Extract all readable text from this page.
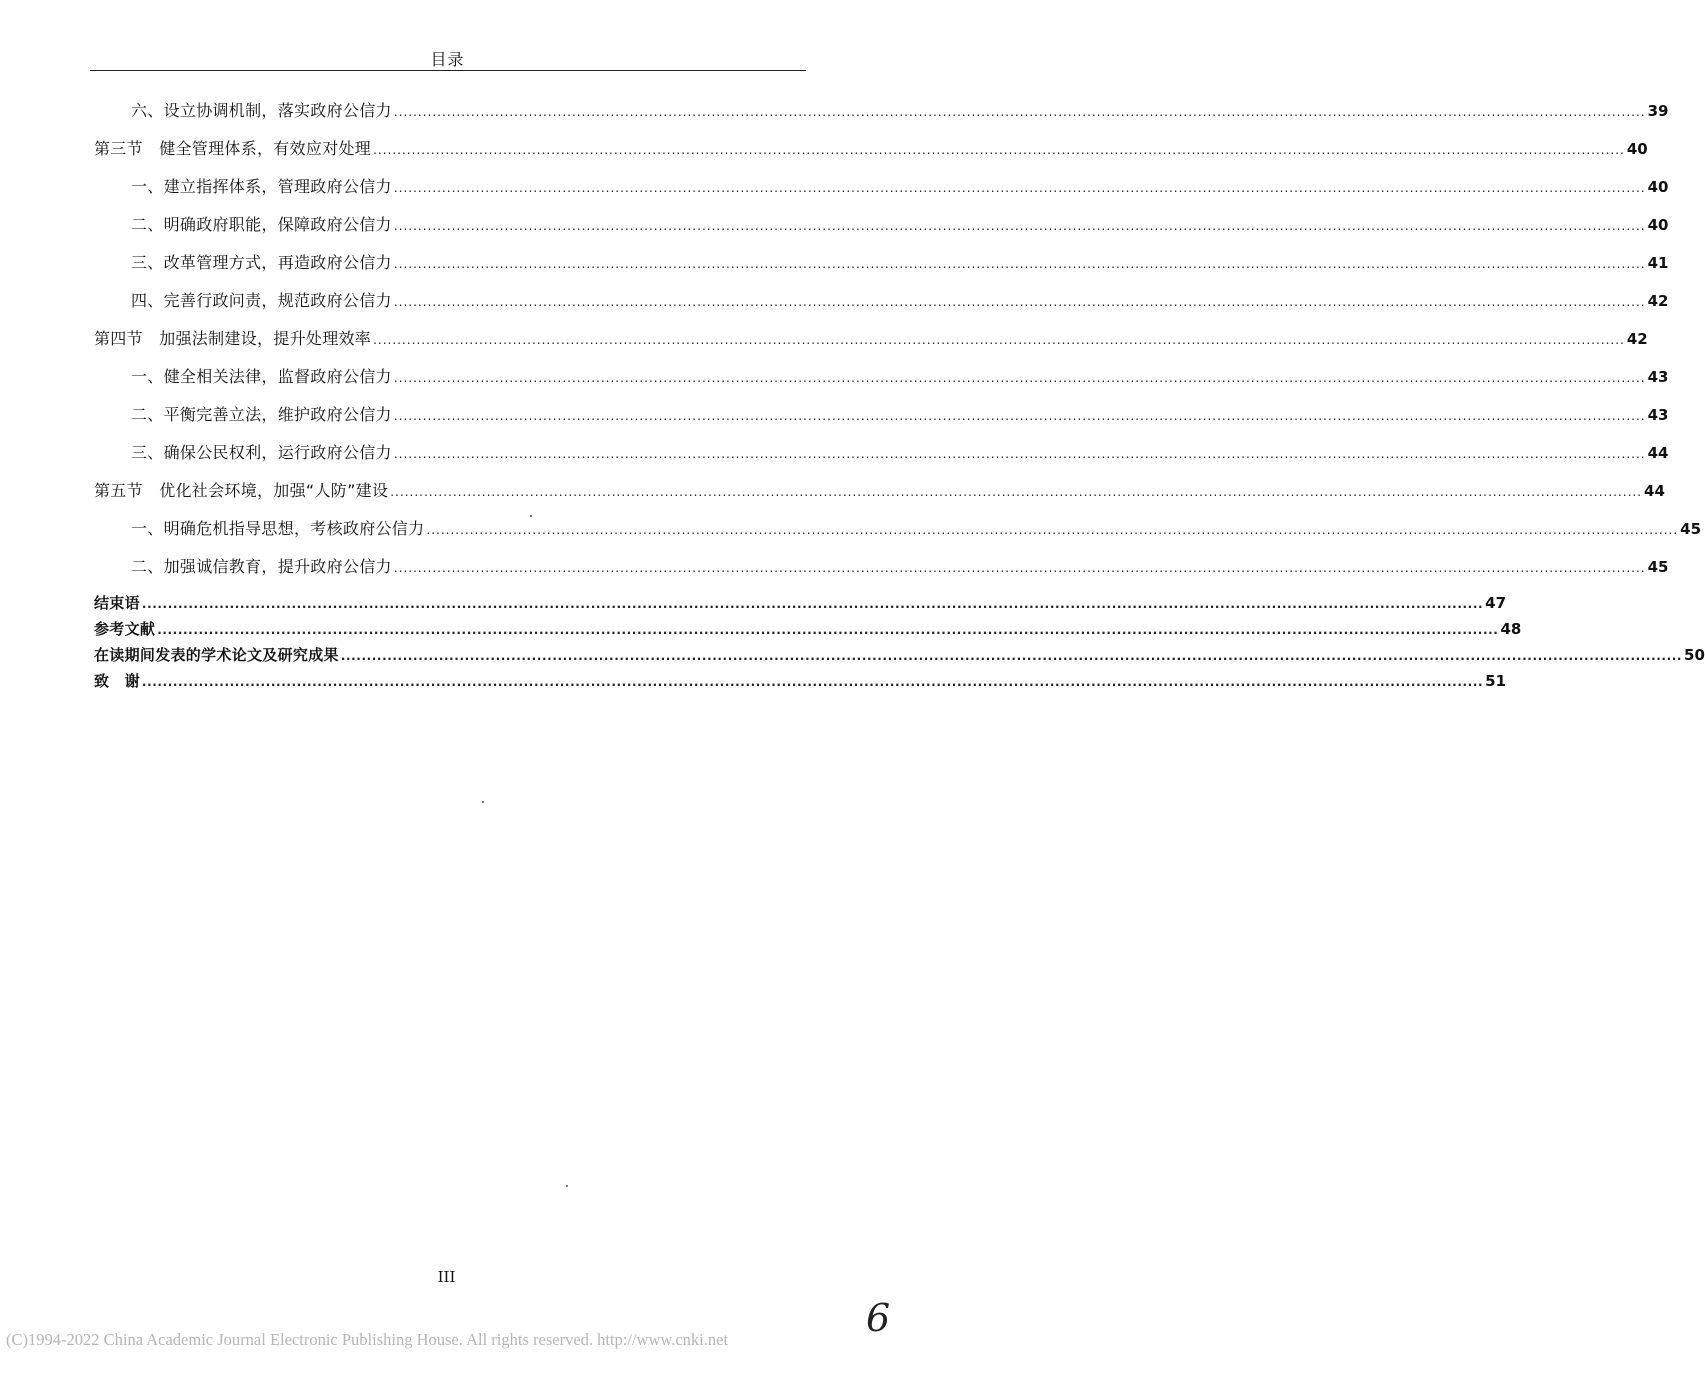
目录
六、设立协调机制，落实政府公信力 .................................................................................................................................................................................................................................................................... 39
第三节　健全管理体系，有效应对处理 .................................................................................................................................................................................................................................................................... 40
一、建立指挥体系，管理政府公信力 .................................................................................................................................................................................................................................................................... 40
二、明确政府职能，保障政府公信力 .................................................................................................................................................................................................................................................................... 40
三、改革管理方式，再造政府公信力 .................................................................................................................................................................................................................................................................... 41
四、完善行政问责，规范政府公信力 .................................................................................................................................................................................................................................................................... 42
第四节　加强法制建设，提升处理效率 .................................................................................................................................................................................................................................................................... 42
一、健全相关法律，监督政府公信力 .................................................................................................................................................................................................................................................................... 43
二、平衡完善立法，维护政府公信力 .................................................................................................................................................................................................................................................................... 43
三、确保公民权利，运行政府公信力 .................................................................................................................................................................................................................................................................... 44
第五节　优化社会环境，加强“人防”建设 .................................................................................................................................................................................................................................................................... 44
一、明确危机指导思想，考核政府公信力 .................................................................................................................................................................................................................................................................... 45
二、加强诚信教育，提升政府公信力 .................................................................................................................................................................................................................................................................... 45
结束语 .................................................................................................................................................................................................................................................................... 47
参考文献 .................................................................................................................................................................................................................................................................... 48
在读期间发表的学术论文及研究成果 .................................................................................................................................................................................................................................................................... 50
致　谢 .................................................................................................................................................................................................................................................................... 51
III
(C)1994-2022 China Academic Journal Electronic Publishing House. All rights reserved. http://www.cnki.net	6
